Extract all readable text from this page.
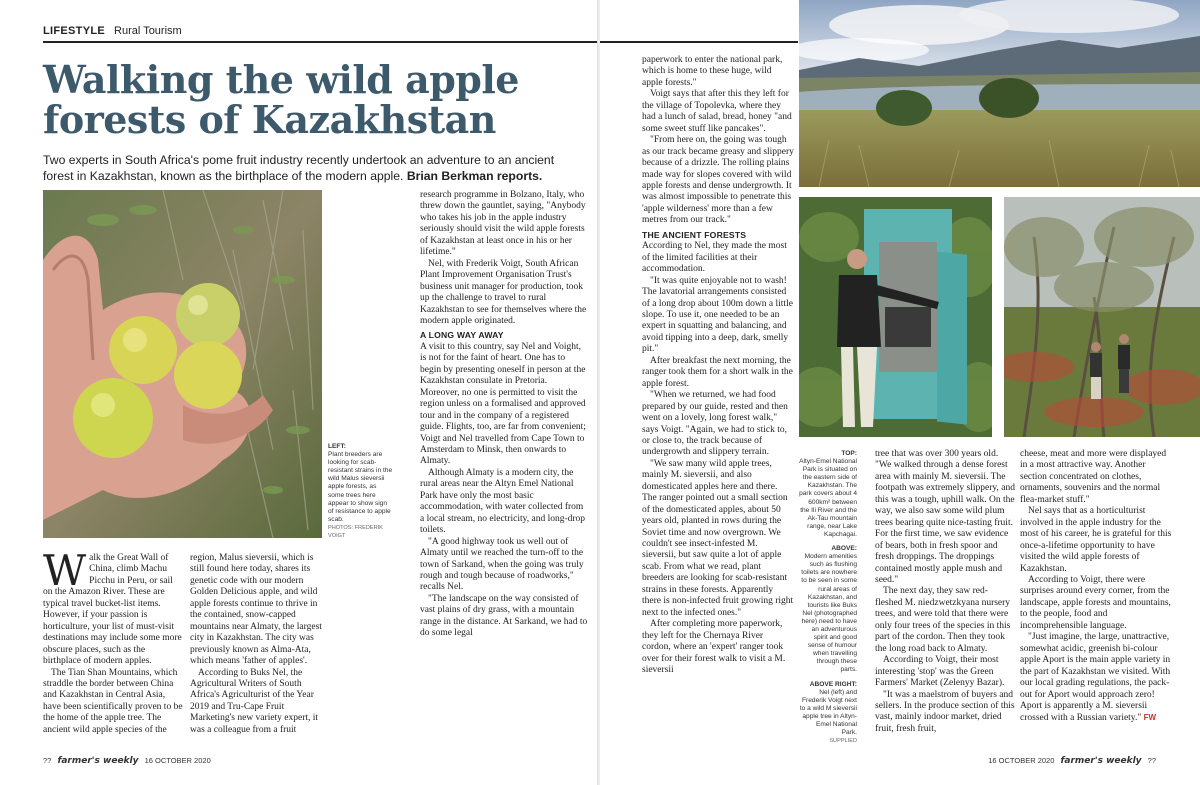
LIFESTYLE Rural Tourism
Walking the wild apple forests of Kazakhstan

Two experts in South Africa's pome fruit industry recently undertook an adventure to an ancient forest in Kazakhstan, known as the birthplace of the modern apple. Brian Berkman reports.

LEFT:
Plant breeders are looking for scab-resistant strains in the wild Malus sieversii apple forests, as some trees here appear to show sign of resistance to apple scab.
PHOTOS: FREDERIK VOIGT

Walk the Great Wall of China, climb Machu Picchu in Peru, or sail on the Amazon River. These are typical travel bucket-list items. However, if your passion is horticulture, your list of must-visit destinations may include some more obscure places, such as the birthplace of modern apples.

The Tian Shan Mountains, which straddle the border between China and Kazakhstan in Central Asia, have been scientifically proven to be the home of the apple tree. The ancient wild apple species of the

region, Malus sieversii, which is still found here today, shares its genetic code with our modern Golden Delicious apple, and wild apple forests continue to thrive in the contained, snow-capped mountains near Almaty, the largest city in Kazakhstan. The city was previously known as Alma-Ata, which means 'father of apples'.

According to Buks Nel, the Agricultural Writers of South Africa's Agriculturist of the Year 2019 and Tru-Cape Fruit Marketing's new variety expert, it was a colleague from a fruit

research programme in Bolzano, Italy, who threw down the gauntlet, saying, "Anybody who takes his job in the apple industry seriously should visit the wild apple forests of Kazakhstan at least once in his or her lifetime."

Nel, with Frederik Voigt, South African Plant Improvement Organisation Trust's business unit manager for production, took up the challenge to travel to rural Kazakhstan to see for themselves where the modern apple originated.

A LONG WAY AWAY

A visit to this country, say Nel and Voight, is not for the faint of heart. One has to begin by presenting oneself in person at the Kazakhstan consulate in Pretoria. Moreover, no one is permitted to visit the region unless on a formalised and approved tour and in the company of a registered guide. Flights, too, are far from convenient; Voigt and Nel travelled from Cape Town to Amsterdam to Minsk, then onwards to Almaty.

Although Almaty is a modern city, the rural areas near the Altyn Emel National Park have only the most basic accommodation, with water collected from a local stream, no electricity, and long-drop toilets.

"A good highway took us well out of Almaty until we reached the turn-off to the town of Sarkand, when the going was truly rough and tough because of roadworks," recalls Nel.

"The landscape on the way consisted of vast plains of dry grass, with a mountain range in the distance. At Sarkand, we had to do some legal

?? farmer's weekly 16 OCTOBER 2020

paperwork to enter the national park, which is home to these huge, wild apple forests."

Voigt says that after this they left for the village of Topolevka, where they had a lunch of salad, bread, honey "and some sweet stuff like pancakes".

"From here on, the going was tough as our track became greasy and slippery because of a drizzle. The rolling plains made way for slopes covered with wild apple forests and dense undergrowth. It was almost impossible to penetrate this 'apple wilderness' more than a few metres from our track."

THE ANCIENT FORESTS

According to Nel, they made the most of the limited facilities at their accommodation.

"It was quite enjoyable not to wash! The lavatorial arrangements consisted of a long drop about 100m down a little slope. To use it, one needed to be an expert in squatting and balancing, and avoid tipping into a deep, dark, smelly pit."

After breakfast the next morning, the ranger took them for a short walk in the apple forest.

"When we returned, we had food prepared by our guide, rested and then went on a lovely, long forest walk," says Voigt. "Again, we had to stick to, or close to, the track because of undergrowth and slippery terrain.

"We saw many wild apple trees, mainly M. sieversii, and also domesticated apples here and there. The ranger pointed out a small section of the domesticated apples, about 50 years old, planted in rows during the Soviet time and now overgrown. We couldn't see insect-infested M. sieversii, but saw quite a lot of apple scab. From what we read, plant breeders are looking for scab-resistant strains in these forests. Apparently there is non-infected fruit growing right next to the infected ones."

After completing more paperwork, they left for the Chernaya River cordon, where an 'expert' ranger took over for their forest walk to visit a M. sieversii

TOP:
Altyn-Emel National Park is situated on the eastern side of Kazakhstan. The park covers about 4 600km² between the Ili River and the Ak-Tau mountain range, near Lake Kapchagai.
ABOVE:
Modern amenities such as flushing toilets are nowhere to be seen in some rural areas of Kazakhstan, and tourists like Buks Nel (photographed here) need to have an adventurous spirit and good sense of humour when travelling through these parts.
ABOVE RIGHT:
Nel (left) and Frederik Voigt next to a wild M sieversii apple tree in Altyn-Emel National Park.
SUPPLIED

tree that was over 300 years old. "We walked through a dense forest area with mainly M. sieversii. The footpath was extremely slippery, and this was a tough, uphill walk. On the way, we also saw some wild plum trees bearing quite nice-tasting fruit. For the first time, we saw evidence of bears, both in fresh spoor and fresh droppings. The droppings contained mostly apple mush and seed."

The next day, they saw red-fleshed M. niedzwetzkyana nursery trees, and were told that there were only four trees of the species in this part of the cordon. Then they took the long road back to Almaty.

According to Voigt, their most interesting 'stop' was the Green Farmers' Market (Zelenyy Bazar).

"It was a maelstrom of buyers and sellers. In the produce section of this vast, mainly indoor market, dried fruit, fresh fruit,

cheese, meat and more were displayed in a most attractive way. Another section concentrated on clothes, ornaments, souvenirs and the normal flea-market stuff."

Nel says that as a horticulturist involved in the apple industry for the most of his career, he is grateful for this once-a-lifetime opportunity to have visited the wild apple forests of Kazakhstan.

According to Voigt, there were surprises around every corner, from the landscape, apple forests and mountains, to the people, food and incomprehensible language.

"Just imagine, the large, unattractive, somewhat acidic, greenish bi-colour apple Aport is the main apple variety in the part of Kazakhstan we visited. With our local grading regulations, the pack-out for Aport would approach zero! Aport is apparently a M. sieversii crossed with a Russian variety." FW

16 OCTOBER 2020 farmer's weekly ??
